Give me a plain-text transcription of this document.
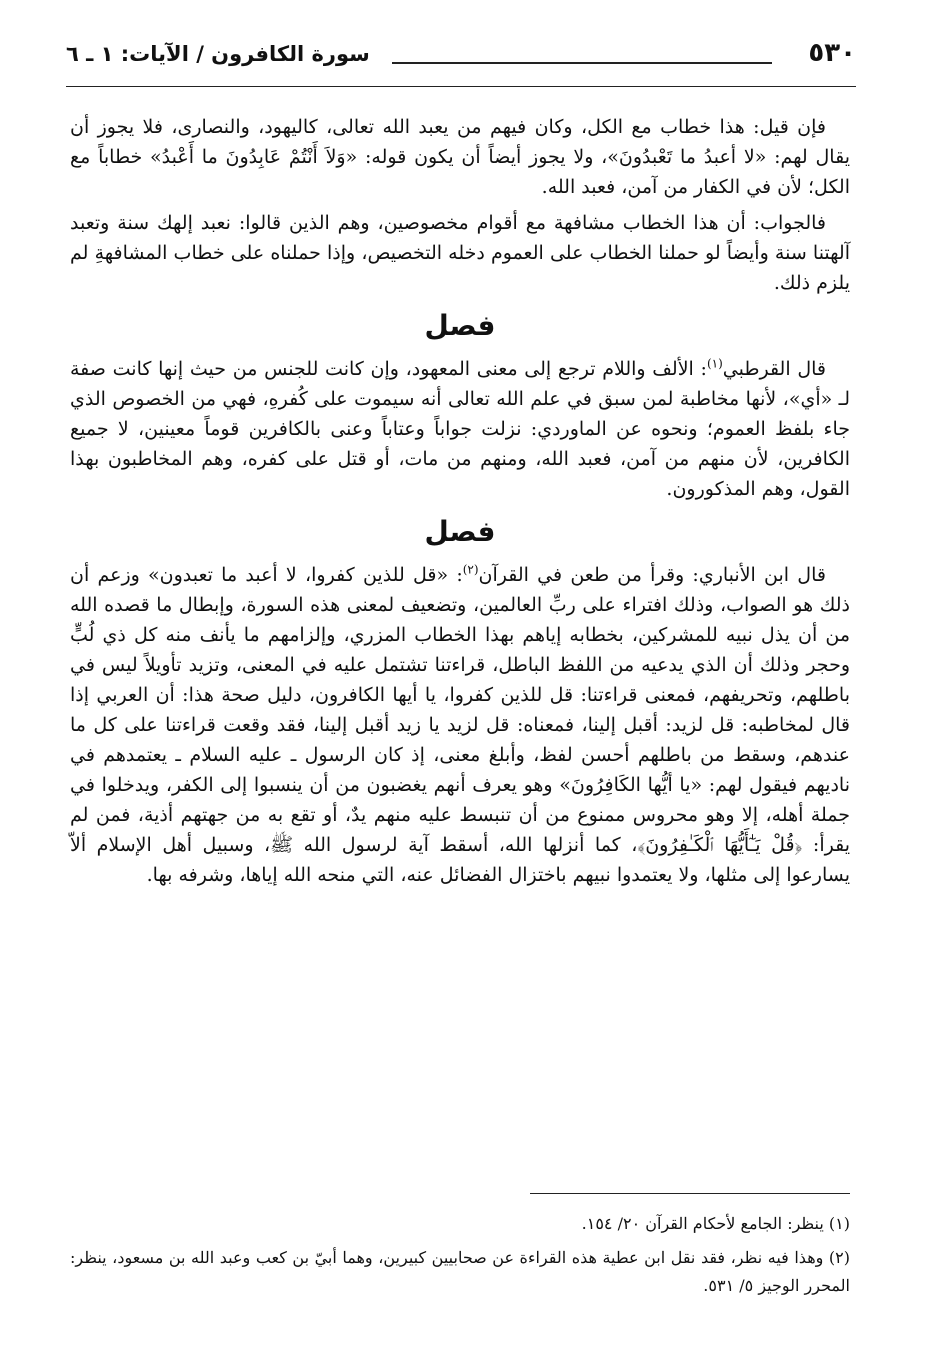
٥٣٠
سورة الكافرون / الآيات: ١ ـ ٦

فإن قيل: هذا خطاب مع الكل، وكان فيهم من يعبد الله تعالى، كاليهود، والنصارى، فلا يجوز أن يقال لهم: «لا أعبدُ ما تَعْبدُونَ»، ولا يجوز أيضاً أن يكون قوله: «وَلاَ أَنْتُمْ عَابِدُونَ ما أَعْبدُ» خطاباً مع الكل؛ لأن في الكفار من آمن، فعبد الله.

فالجواب: أن هذا الخطاب مشافهة مع أقوام مخصوصين، وهم الذين قالوا: نعبد إلهك سنة وتعبد آلهتنا سنة وأيضاً لو حملنا الخطاب على العموم دخله التخصيص، وإذا حملناه على خطاب المشافهةِ لم يلزم ذلك.

فصل

قال القرطبي$^{(١)}$: الألف واللام ترجع إلى معنى المعهود، وإن كانت للجنس من حيث إنها كانت صفة لـ «أي»، لأنها مخاطبة لمن سبق في علم الله تعالى أنه سيموت على كُفرهِ، فهي من الخصوص الذي جاء بلفظ العموم؛ ونحوه عن الماوردي: نزلت جواباً وعتاباً وعنى بالكافرين قوماً معينين، لا جميع الكافرين، لأن منهم من آمن، فعبد الله، ومنهم من مات، أو قتل على كفره، وهم المخاطبون بهذا القول، وهم المذكورون.

فصل

قال ابن الأنباري: وقرأ من طعن في القرآن$^{(٢)}$: «قل للذين كفروا، لا أعبد ما تعبدون» وزعم أن ذلك هو الصواب، وذلك افتراء على ربِّ العالمين، وتضعيف لمعنى هذه السورة، وإبطال ما قصده الله من أن يذل نبيه للمشركين، بخطابه إياهم بهذا الخطاب المزري، وإلزامهم ما يأنف منه كل ذي لُبٍّ وحجر وذلك أن الذي يدعيه من اللفظ الباطل، قراءتنا تشتمل عليه في المعنى، وتزيد تأويلاً ليس في باطلهم، وتحريفهم، فمعنى قراءتنا: قل للذين كفروا، يا أيها الكافرون، دليل صحة هذا: أن العربي إذا قال لمخاطبه: قل لزيد: أقبل إلينا، فمعناه: قل لزيد يا زيد أقبل إلينا، فقد وقعت قراءتنا على كل ما عندهم، وسقط من باطلهم أحسن لفظ، وأبلغ معنى، إذ كان الرسول ـ عليه السلام ـ يعتمدهم في ناديهم فيقول لهم: «يا أيُّها الكَافِرُونَ» وهو يعرف أنهم يغضبون من أن ينسبوا إلى الكفر، ويدخلوا في جملة أهله، إلا وهو محروس ممنوع من أن تنبسط عليه منهم يدٌ، أو تقع به من جهتهم أذية، فمن لم يقرأ: ﴿قُلْ يَـٰٓأَيُّهَا ٱلْكَـٰفِرُونَ﴾، كما أنزلها الله، أسقط آية لرسول الله ﷺ، وسبيل أهل الإسلام ألاّ يسارعوا إلى مثلها، ولا يعتمدوا نبيهم باختزال الفضائل عنه، التي منحه الله إياها، وشرفه بها.

(١) ينظر: الجامع لأحكام القرآن ٢٠/ ١٥٤.

(٢) وهذا فيه نظر، فقد نقل ابن عطية هذه القراءة عن صحابيين كبيرين، وهما أبيّ بن كعب وعبد الله بن مسعود، ينظر: المحرر الوجيز ٥/ ٥٣١.
